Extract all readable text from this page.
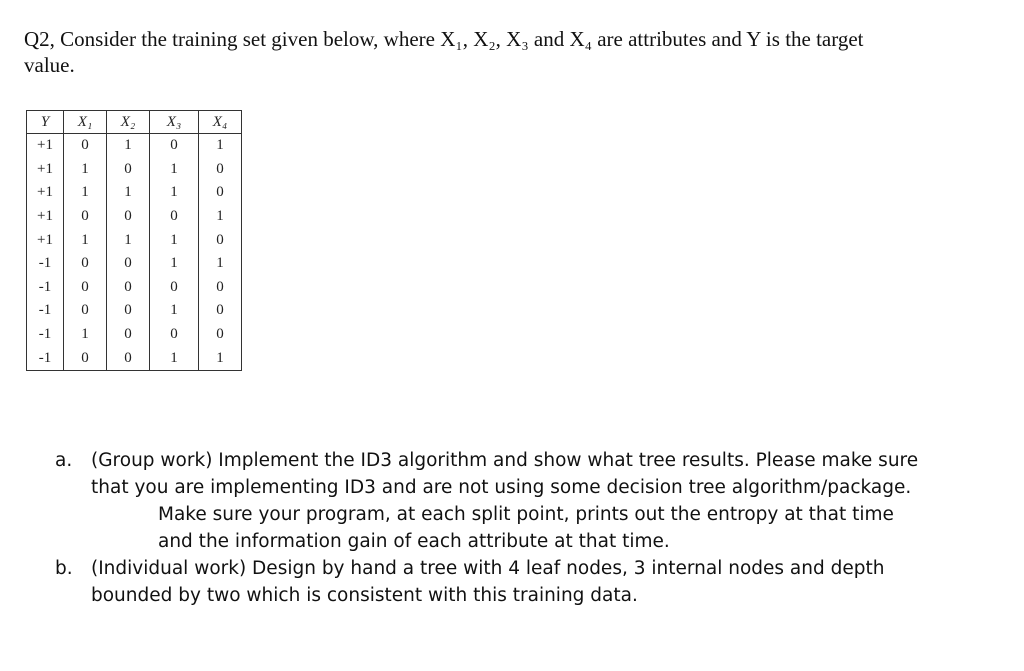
Q2, Consider the training set given below, where X₁, X₂, X₃ and X₄ are attributes and Y is the target value.

Y	X₁	X₂	X₃	X₄
+1	0	1	0	1
+1	1	0	1	0
+1	1	1	1	0
+1	0	0	0	1
+1	1	1	1	0
-1	0	0	1	1
-1	0	0	0	0
-1	0	0	1	0
-1	1	0	0	0
-1	0	0	1	1
a. (Group work) Implement the ID3 algorithm and show what tree results. Please make sure that you are implementing ID3 and are not using some decision tree algorithm/package.
Make sure your program, at each split point, prints out the entropy at that time and the information gain of each attribute at that time.
b. (Individual work) Design by hand a tree with 4 leaf nodes, 3 internal nodes and depth bounded by two which is consistent with this training data.
